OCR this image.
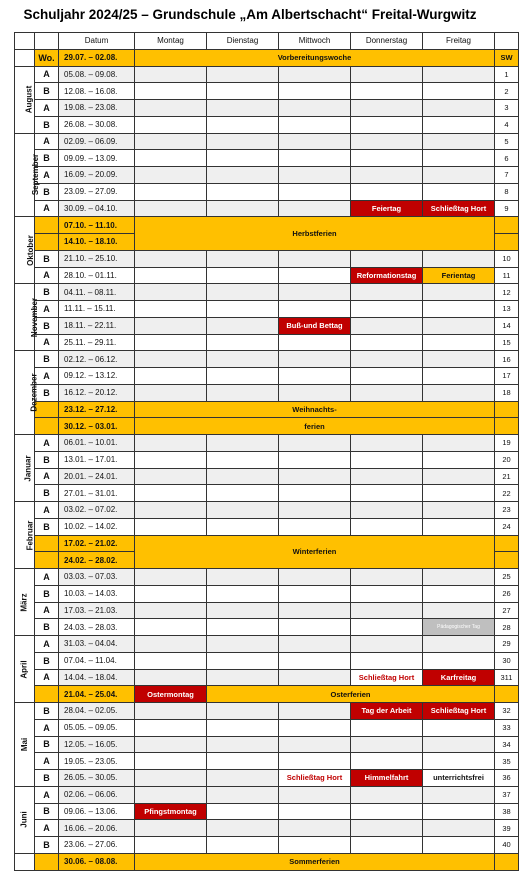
Schuljahr 2024/25 – Grundschule „Am Albertschacht“ Freital-Wurgwitz
		Datum	Montag	Dienstag	Mittwoch	Donnerstag	Freitag	
	Wo.	29.07. – 02.08.	Vorbereitungswoche					SW
August	A	05.08. – 09.08.						1
	B	12.08. – 16.08.						2
	A	19.08. – 23.08.						3
	B	26.08. – 30.08.						4
September	A	02.09. – 06.09.						5
	B	09.09. – 13.09.						6
	A	16.09. – 20.09.						7
	B	23.09. – 27.09.						8
	A	30.09. – 04.10.				Feiertag	Schließtag Hort	9
Oktober		07.10. – 11.10.	Herbstferien					
		14.10. – 18.10.						
	B	21.10. – 25.10.						10
	A	28.10. – 01.11.				Reformationstag	Ferientag	11
November	B	04.11. – 08.11.						12
	A	11.11. – 15.11.						13
	B	18.11. – 22.11.			Buß-und Bettag			14
	A	25.11. – 29.11.						15
Dezember	B	02.12. – 06.12.						16
	A	09.12. – 13.12.						17
	B	16.12. – 20.12.						18
		23.12. – 27.12.	Weihnachts-					
		30.12. – 03.01.	ferien					
Januar	A	06.01. – 10.01.						19
	B	13.01. – 17.01.						20
	A	20.01. – 24.01.						21
	B	27.01. – 31.01.						22
Februar	A	03.02. – 07.02.						23
	B	10.02. – 14.02.						24
		17.02. – 21.02.	Winterferien					
		24.02. – 28.02.						
März	A	03.03. – 07.03.						25
	B	10.03. – 14.03.						26
	A	17.03. – 21.03.						27
	B	24.03. – 28.03.					Pädagogischer Tag	28
April	A	31.03. – 04.04.						29
	B	07.04. – 11.04.						30
	A	14.04. – 18.04.				Schließtag Hort	Karfreitag	311
		21.04. – 25.04.	Ostermontag	Osterferien				
Mai	B	28.04. – 02.05.				Tag der Arbeit	Schließtag Hort	32
	A	05.05. – 09.05.						33
	B	12.05. – 16.05.						34
	A	19.05. – 23.05.						35
	B	26.05. – 30.05.			Schließtag Hort	Himmelfahrt	unterrichtsfrei	36
Juni	A	02.06. – 06.06.						37
	B	09.06. – 13.06.	Pfingstmontag					38
	A	16.06. – 20.06.						39
	B	23.06. – 27.06.						40
		30.06. – 08.08.	Sommerferien					
